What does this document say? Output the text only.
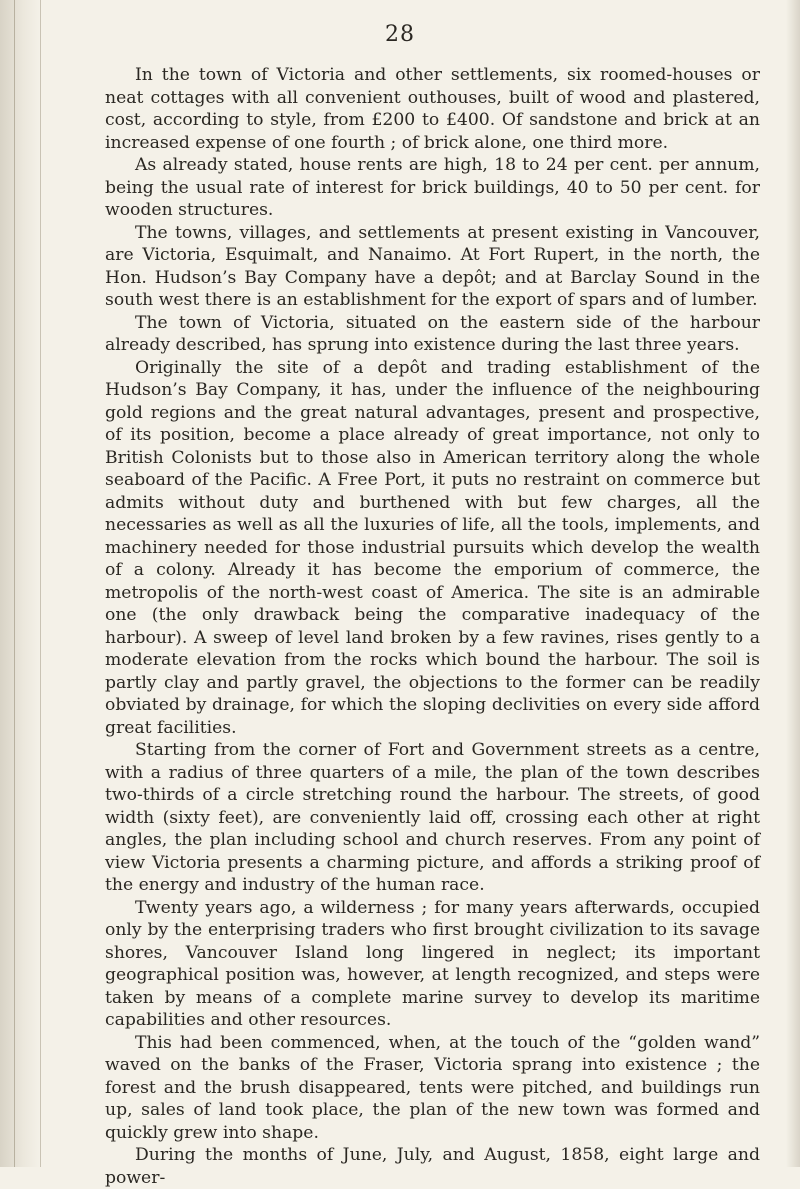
28

In the town of Victoria and other settlements, six roomed-houses or neat cottages with all convenient outhouses, built of wood and plastered, cost, according to style, from £200 to £400. Of sandstone and brick at an increased expense of one fourth ; of brick alone, one third more.

As already stated, house rents are high, 18 to 24 per cent. per annum, being the usual rate of interest for brick buildings, 40 to 50 per cent. for wooden structures.

The towns, villages, and settlements at present existing in Vancouver, are Victoria, Esquimalt, and Nanaimo. At Fort Rupert, in the north, the Hon. Hudson’s Bay Company have a depôt; and at Barclay Sound in the south west there is an establishment for the export of spars and of lumber.

The town of Victoria, situated on the eastern side of the harbour already described, has sprung into existence during the last three years.

Originally the site of a depôt and trading establishment of the Hudson’s Bay Company, it has, under the influence of the neighbouring gold regions and the great natural advantages, present and prospective, of its position, become a place already of great importance, not only to British Colonists but to those also in American territory along the whole seaboard of the Pacific. A Free Port, it puts no restraint on commerce but admits without duty and burthened with but few charges, all the necessaries as well as all the luxuries of life, all the tools, implements, and machinery needed for those industrial pursuits which develop the wealth of a colony. Already it has become the emporium of commerce, the metropolis of the north-west coast of America. The site is an admirable one (the only drawback being the comparative inadequacy of the harbour). A sweep of level land broken by a few ravines, rises gently to a moderate elevation from the rocks which bound the harbour. The soil is partly clay and partly gravel, the objections to the former can be readily obviated by drainage, for which the sloping declivities on every side afford great facilities.

Starting from the corner of Fort and Government streets as a centre, with a radius of three quarters of a mile, the plan of the town describes two-thirds of a circle stretching round the harbour. The streets, of good width (sixty feet), are conveniently laid off, crossing each other at right angles, the plan including school and church reserves. From any point of view Victoria presents a charming picture, and affords a striking proof of the energy and industry of the human race.

Twenty years ago, a wilderness ; for many years afterwards, occupied only by the enterprising traders who first brought civilization to its savage shores, Vancouver Island long lingered in neglect; its important geographical position was, however, at length recognized, and steps were taken by means of a complete marine survey to develop its maritime capabilities and other resources.

This had been commenced, when, at the touch of the “golden wand” waved on the banks of the Fraser, Victoria sprang into existence ; the forest and the brush disappeared, tents were pitched, and buildings run up, sales of land took place, the plan of the new town was formed and quickly grew into shape.

During the months of June, July, and August, 1858, eight large and power-
